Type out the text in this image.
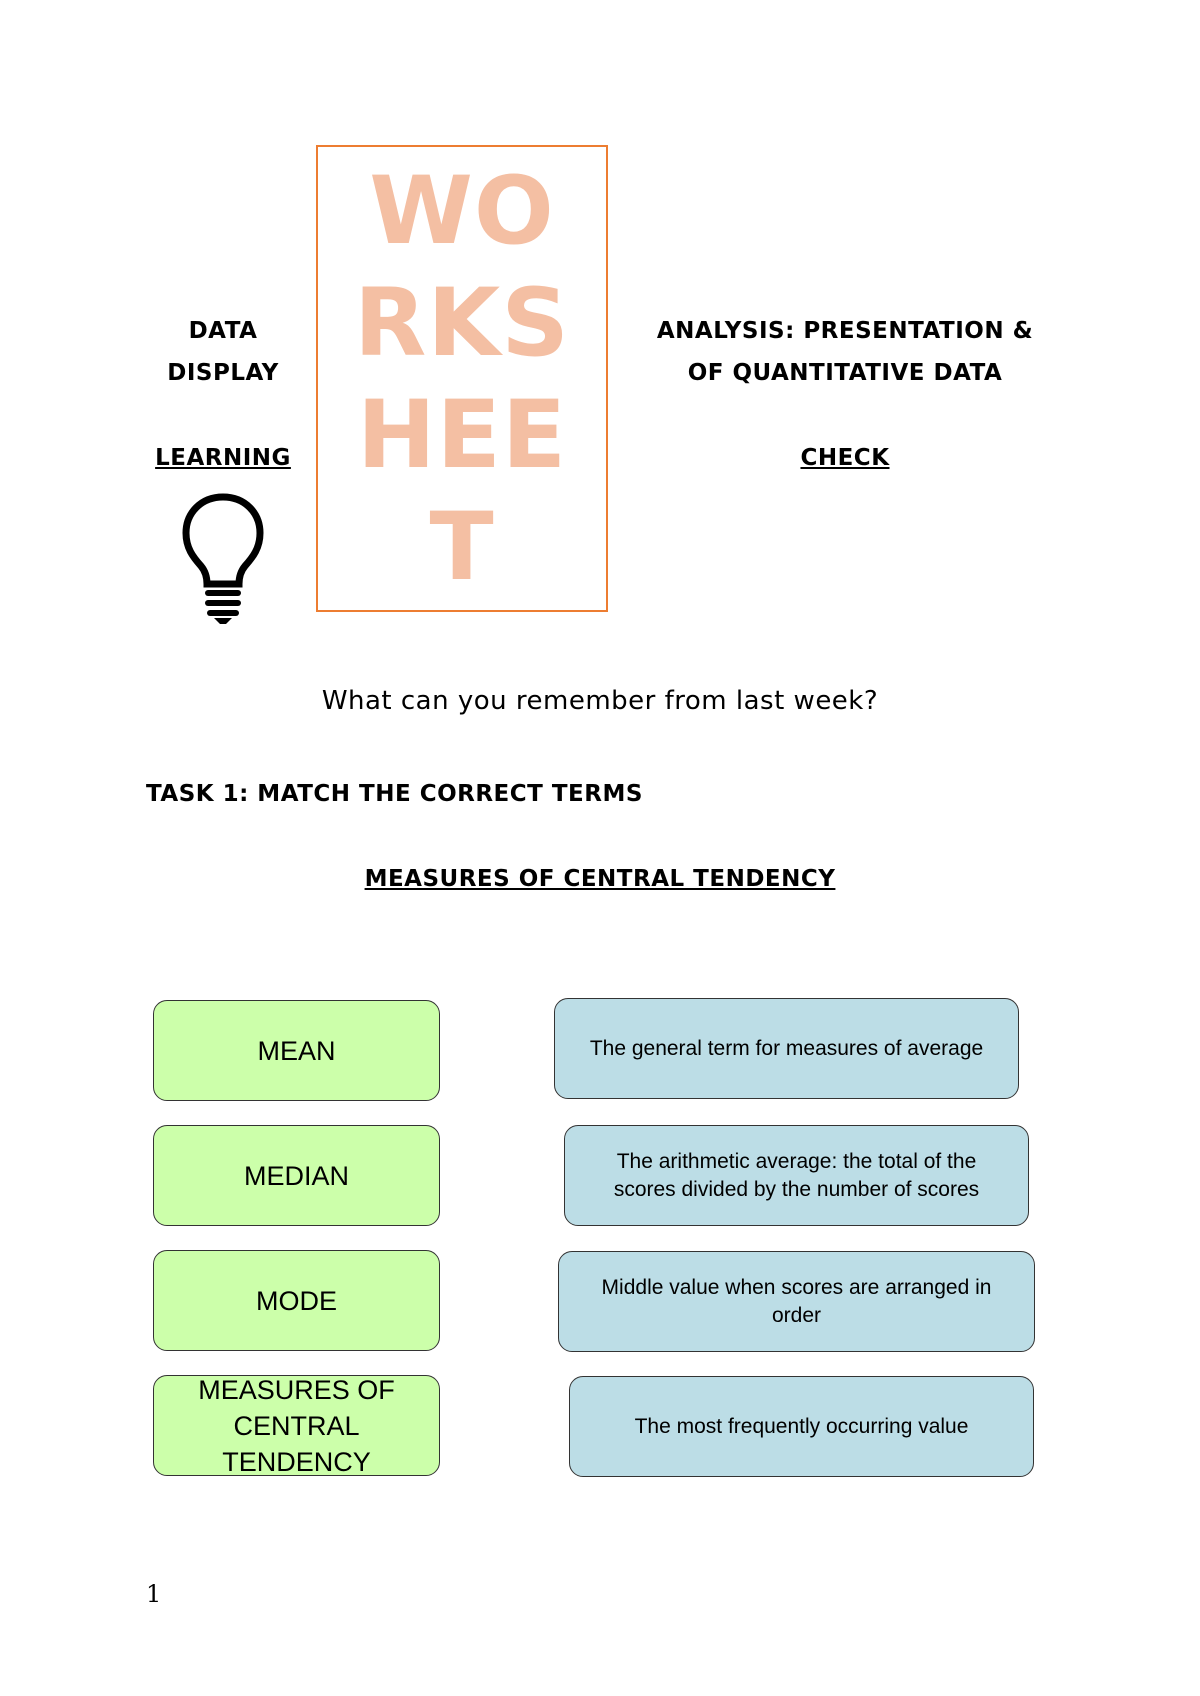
DATA
DISPLAY
LEARNING
WO
RKS
HEE
T
ANALYSIS: PRESENTATION &
OF QUANTITATIVE DATA
CHECK
What can you remember from last week?
TASK 1: MATCH THE CORRECT TERMS
MEASURES OF CENTRAL TENDENCY
MEAN
MEDIAN
MODE
MEASURES OF CENTRAL TENDENCY
The general term for measures of average
The arithmetic average: the total of the scores divided by the number of scores
Middle value when scores are arranged in order
The most frequently occurring value
1
